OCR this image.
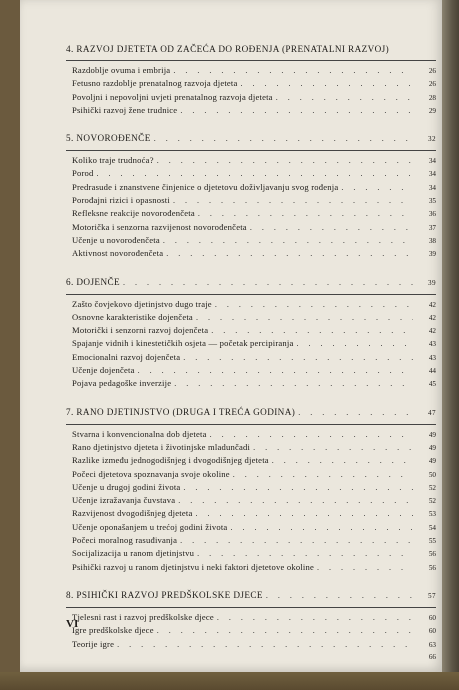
4. RAZVOJ DJETETA OD ZAČEĆA DO ROĐENJA (PRENATALNI RAZVOJ)
Razdoblje ovuma i embrija . . .	26
Fetusno razdoblje prenatalnog razvoja djeteta . . .	26
Povoljni i nepovoljni uvjeti prenatalnog razvoja djeteta . . .	28
Psihički razvoj žene trudnice . . .	29
5. NOVOROĐENČE . . .	32
Koliko traje trudnoća? . . .	34
Porod . . .	34
Predrasude i znanstvene činjenice o djetetovu doživljavanju svog rođenja . . .	34
Porođajni rizici i opasnosti . . .	35
Refleksne reakcije novorođenčeta . . .	36
Motorička i senzorna razvijenost novorođenčeta . . .	37
Učenje u novorođenčeta . . .	38
Aktivnost novorođenčeta . . .	39
6. DOJENČE . . .	39
Zašto čovjekovo djetinjstvo dugo traje . . .	42
Osnovne karakteristike dojenčeta . . .	42
Motorički i senzorni razvoj dojenčeta . . .	42
Spajanje vidnih i kinestetičkih osjeta — početak percipiranja . . .	43
Emocionalni razvoj dojenčeta . . .	43
Učenje dojenčeta . . .	44
Pojava pedagoške inverzije . . .	45
7. RANO DJETINJSTVO (DRUGA I TREĆA GODINA) . . .	47
Stvarna i konvencionalna dob djeteta . . .	49
Rano djetinjstvo djeteta i životinjske mladunčadi . . .	49
Razlike između jednogodišnjeg i dvogodišnjeg djeteta . . .	49
Počeci djetetova spoznavanja svoje okoline . . .	50
Učenje u drugoj godini života . . .	52
Učenje izražavanja čuvstava . . .	52
Razvijenost dvogodišnjeg djeteta . . .	53
Učenje oponašanjem u trećoj godini života . . .	54
Počeci moralnog rasuđivanja . . .	55
Socijalizacija u ranom djetinjstvu . . .	56
Psihički razvoj u ranom djetinjstvu i neki faktori djetetove okoline . . .	56
8. PSIHIČKI RAZVOJ PREDŠKOLSKE DJECE . . .	57
Tjelesni rast i razvoj predškolske djece . . .	60
Igre predškolske djece . . .	60
Teorije igre . . .	63
66
VI
